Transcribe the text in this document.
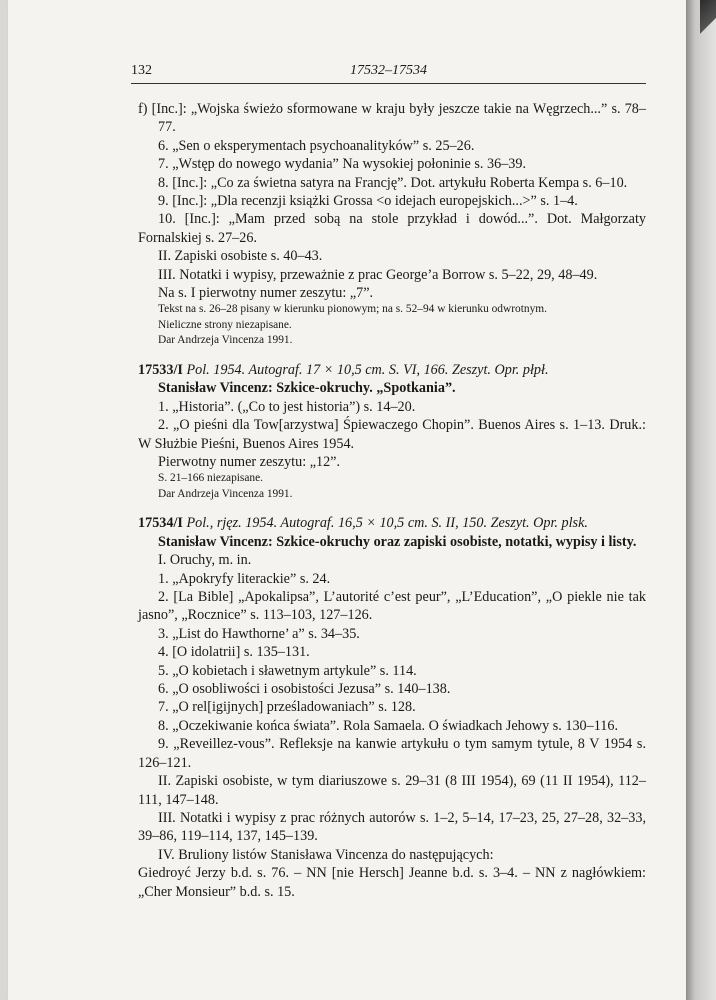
132	17532–17534

f) [Inc.]: „Wojska świeżo sformowane w kraju były jeszcze takie na Węgrzech...” s. 78–77.

6. „Sen o eksperymentach psychoanalityków” s. 25–26.

7. „Wstęp do nowego wydania” Na wysokiej połoninie s. 36–39.

8. [Inc.]: „Co za świetna satyra na Francję”. Dot. artykułu Roberta Kempa s. 6–10.

9. [Inc.]: „Dla recenzji książki Grossa <o idejach europejskich...>” s. 1–4.

10. [Inc.]: „Mam przed sobą na stole przykład i dowód...”. Dot. Małgorzaty Fornalskiej s. 27–26.

II. Zapiski osobiste s. 40–43.

III. Notatki i wypisy, przeważnie z prac George’a Borrow s. 5–22, 29, 48–49.

Na s. I pierwotny numer zeszytu: „7”.

Tekst na s. 26–28 pisany w kierunku pionowym; na s. 52–94 w kierunku odwrotnym.

Nieliczne strony niezapisane.

Dar Andrzeja Vincenza 1991.

17533/I Pol. 1954. Autograf. 17 × 10,5 cm. S. VI, 166. Zeszyt. Opr. płpł.

Stanisław Vincenz: Szkice-okruchy. „Spotkania”.

1. „Historia”. („Co to jest historia”) s. 14–20.

2. „O pieśni dla Tow[arzystwa] Śpiewaczego Chopin”. Buenos Aires s. 1–13. Druk.: W Służbie Pieśni, Buenos Aires 1954.

Pierwotny numer zeszytu: „12”.

S. 21–166 niezapisane.

Dar Andrzeja Vincenza 1991.

17534/I Pol., rjęz. 1954. Autograf. 16,5 × 10,5 cm. S. II, 150. Zeszyt. Opr. plsk.

Stanisław Vincenz: Szkice-okruchy oraz zapiski osobiste, notatki, wypisy i listy.

I. Oruchy, m. in.

1. „Apokryfy literackie” s. 24.

2. [La Bible] „Apokalipsa”, L’autorité c’est peur”, „L’Education”, „O piekle nie tak jasno”, „Rocznice” s. 113–103, 127–126.

3. „List do Hawthorne’ a” s. 34–35.

4. [O idolatrii] s. 135–131.

5. „O kobietach i sławetnym artykule” s. 114.

6. „O osobliwości i osobistości Jezusa” s. 140–138.

7. „O rel[igijnych] prześladowaniach” s. 128.

8. „Oczekiwanie końca świata”. Rola Samaela. O świadkach Jehowy s. 130–116.

9. „Reveillez-vous”. Refleksje na kanwie artykułu o tym samym tytule, 8 V 1954 s. 126–121.

II. Zapiski osobiste, w tym diariuszowe s. 29–31 (8 III 1954), 69 (11 II 1954), 112–111, 147–148.

III. Notatki i wypisy z prac różnych autorów s. 1–2, 5–14, 17–23, 25, 27–28, 32–33, 39–86, 119–114, 137, 145–139.

IV. Bruliony listów Stanisława Vincenza do następujących:

Giedroyć Jerzy b.d. s. 76. – NN [nie Hersch] Jeanne b.d. s. 3–4. – NN z nagłówkiem: „Cher Monsieur” b.d. s. 15.
